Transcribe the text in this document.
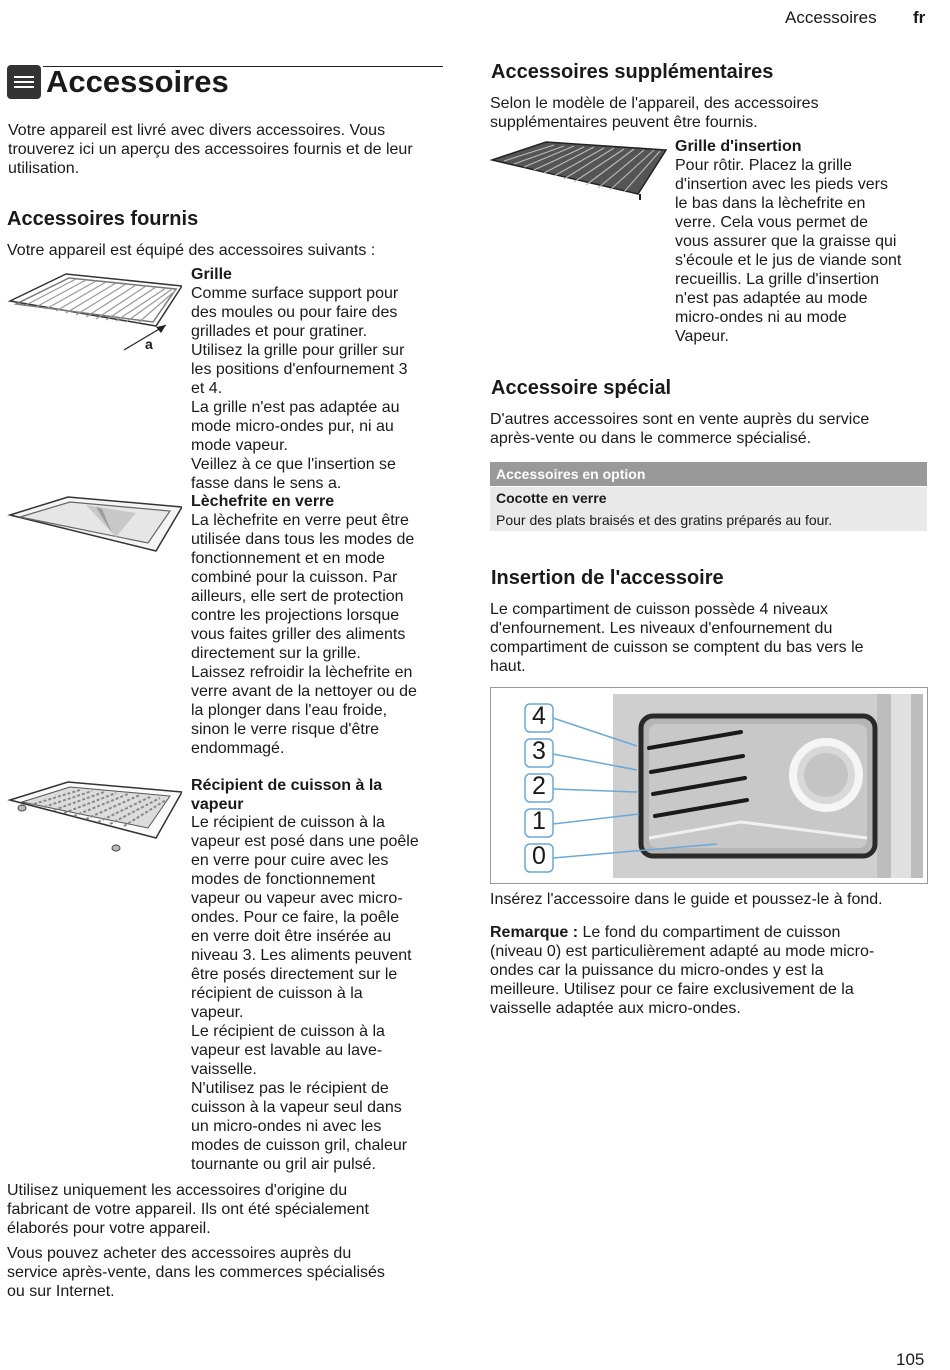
Accessoires fr
Accessoires
Votre appareil est livré avec divers accessoires. Vous trouverez ici un aperçu des accessoires fournis et de leur utilisation.
Accessoires fournis
Votre appareil est équipé des accessoires suivants :
a
Grille
Comme surface support pour
des moules ou pour faire des
grillades et pour gratiner.
Utilisez la grille pour griller sur
les positions d'enfournement 3
et 4.
La grille n'est pas adaptée au
mode micro-ondes pur, ni au
mode vapeur.
Veillez à ce que l'insertion se
fasse dans le sens a.
Lèchefrite en verre
La lèchefrite en verre peut être
utilisée dans tous les modes de
fonctionnement et en mode
combiné pour la cuisson. Par
ailleurs, elle sert de protection
contre les projections lorsque
vous faites griller des aliments
directement sur la grille.
Laissez refroidir la lèchefrite en
verre avant de la nettoyer ou de
la plonger dans l'eau froide,
sinon le verre risque d'être
endommagé.
Récipient de cuisson à la
vapeur
Le récipient de cuisson à la
vapeur est posé dans une poêle
en verre pour cuire avec les
modes de fonctionnement
vapeur ou vapeur avec micro-
ondes. Pour ce faire, la poêle
en verre doit être insérée au
niveau 3. Les aliments peuvent
être posés directement sur le
récipient de cuisson à la
vapeur.
Le récipient de cuisson à la
vapeur est lavable au lave-
vaisselle.
N'utilisez pas le récipient de
cuisson à la vapeur seul dans
un micro-ondes ni avec les
modes de cuisson gril, chaleur
tournante ou gril air pulsé.
Utilisez uniquement les accessoires d'origine du
fabricant de votre appareil. Ils ont été spécialement
élaborés pour votre appareil.
Vous pouvez acheter des accessoires auprès du
service après-vente, dans les commerces spécialisés
ou sur Internet.
Accessoires supplémentaires
Selon le modèle de l'appareil, des accessoires
supplémentaires peuvent être fournis.
Grille d'insertion
Pour rôtir. Placez la grille
d'insertion avec les pieds vers
le bas dans la lèchefrite en
verre. Cela vous permet de
vous assurer que la graisse qui
s'écoule et le jus de viande sont
recueillis. La grille d'insertion
n'est pas adaptée au mode
micro-ondes ni au mode
Vapeur.
Accessoire spécial
D'autres accessoires sont en vente auprès du service
après-vente ou dans le commerce spécialisé.
Accessoires en option
Cocotte en verre
Pour des plats braisés et des gratins préparés au four.
Insertion de l'accessoire
Le compartiment de cuisson possède 4 niveaux
d'enfournement. Les niveaux d'enfournement du
compartiment de cuisson se comptent du bas vers le
haut.
4
3
2
1
0
Insérez l'accessoire dans le guide et poussez-le à fond.
Remarque : Le fond du compartiment de cuisson
(niveau 0) est particulièrement adapté au mode micro-
ondes car la puissance du micro-ondes y est la
meilleure. Utilisez pour ce faire exclusivement de la
vaisselle adaptée aux micro-ondes.
105
